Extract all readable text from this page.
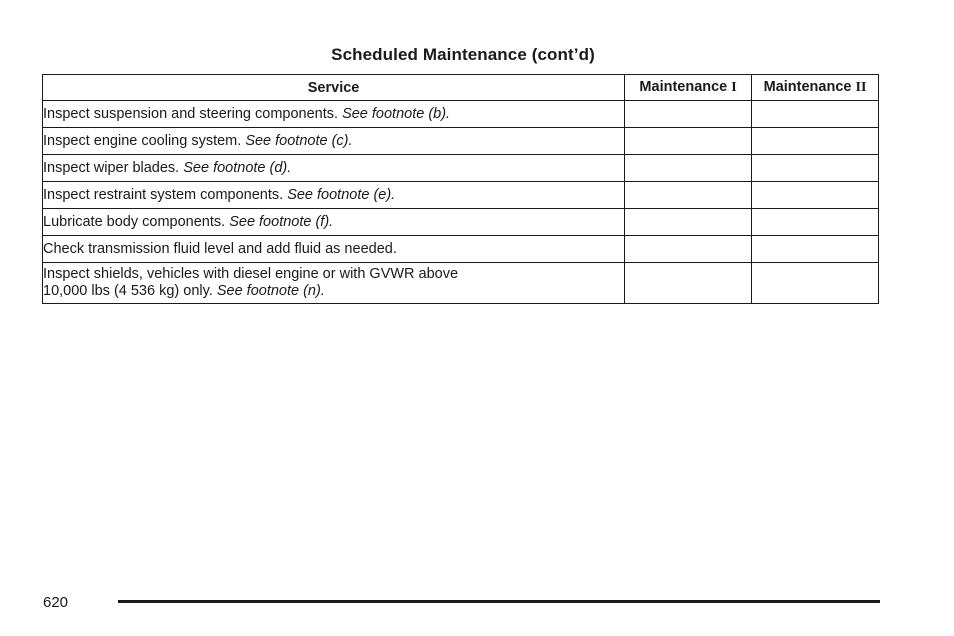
Scheduled Maintenance (cont’d)
Service	Maintenance I	Maintenance II
Inspect suspension and steering components. See footnote (b).		
Inspect engine cooling system. See footnote (c).		
Inspect wiper blades. See footnote (d).		
Inspect restraint system components. See footnote (e).		
Lubricate body components. See footnote (f).		
Check transmission fluid level and add fluid as needed.		
Inspect shields, vehicles with diesel engine or with GVWR above
10,000 lbs (4 536 kg) only. See footnote (n).		
620
